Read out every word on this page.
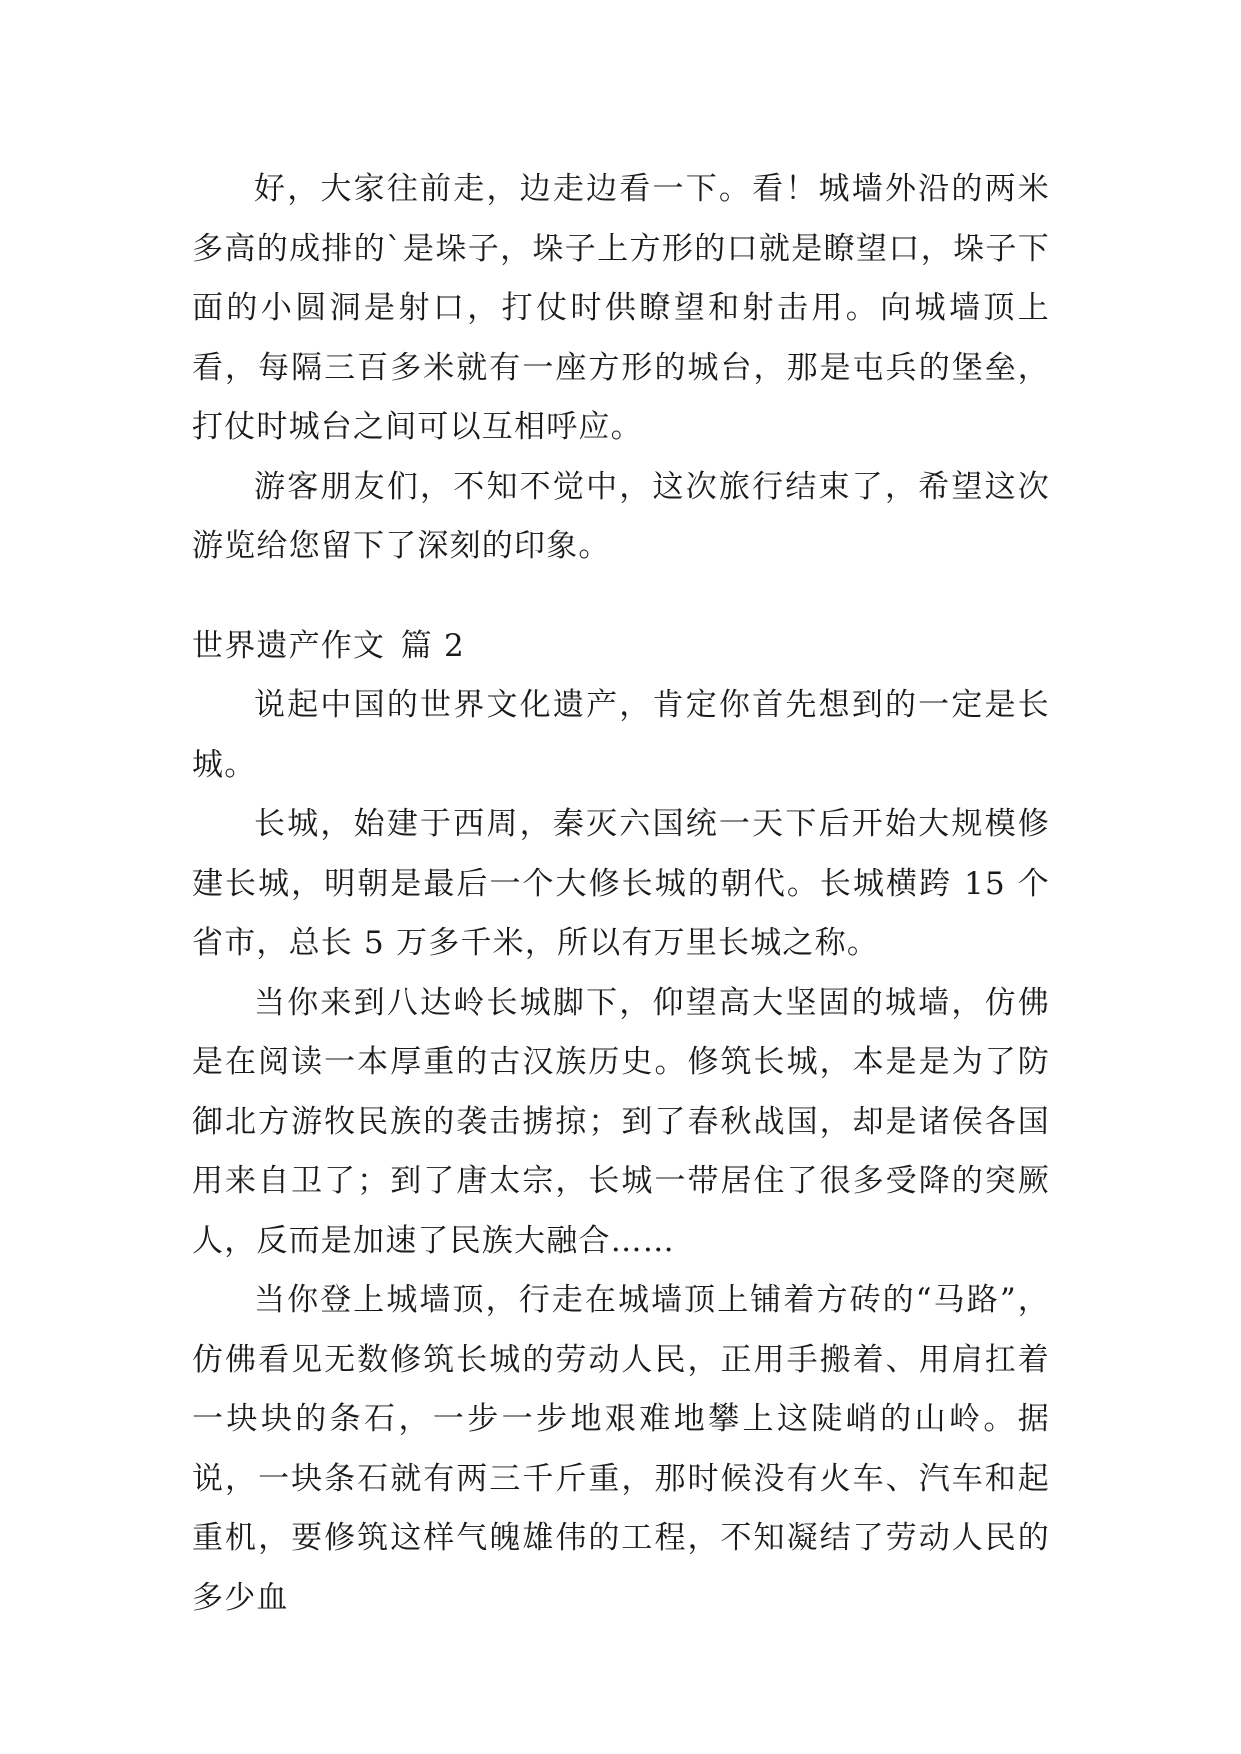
好，大家往前走，边走边看一下。看！城墙外沿的两米多高的成排的`是垛子，垛子上方形的口就是瞭望口，垛子下面的小圆洞是射口，打仗时供瞭望和射击用。向城墙顶上看，每隔三百多米就有一座方形的城台，那是屯兵的堡垒，打仗时城台之间可以互相呼应。

游客朋友们，不知不觉中，这次旅行结束了，希望这次游览给您留下了深刻的印象。

世界遗产作文 篇 2

说起中国的世界文化遗产，肯定你首先想到的一定是长城。

长城，始建于西周，秦灭六国统一天下后开始大规模修建长城，明朝是最后一个大修长城的朝代。长城横跨 15 个省市，总长 5 万多千米，所以有万里长城之称。

当你来到八达岭长城脚下，仰望高大坚固的城墙，仿佛是在阅读一本厚重的古汉族历史。修筑长城，本是是为了防御北方游牧民族的袭击掳掠；到了春秋战国，却是诸侯各国用来自卫了；到了唐太宗，长城一带居住了很多受降的突厥人，反而是加速了民族大融合……

当你登上城墙顶，行走在城墙顶上铺着方砖的“马路”，仿佛看见无数修筑长城的劳动人民，正用手搬着、用肩扛着一块块的条石，一步一步地艰难地攀上这陡峭的山岭。据说，一块条石就有两三千斤重，那时候没有火车、汽车和起重机，要修筑这样气魄雄伟的工程，不知凝结了劳动人民的多少血
